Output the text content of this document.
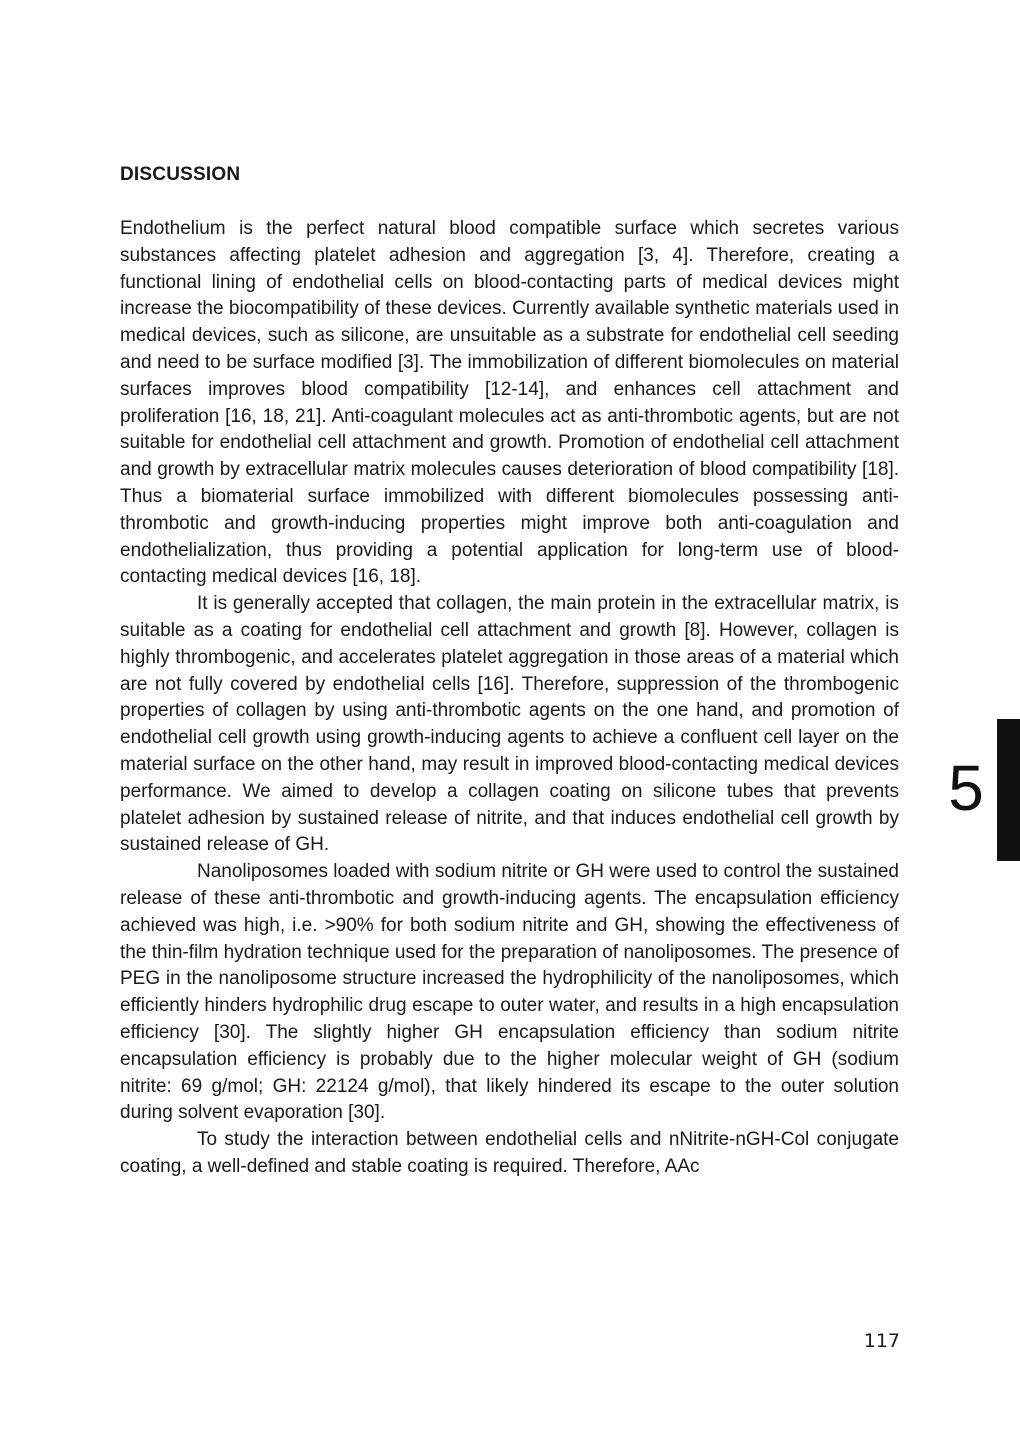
DISCUSSION

Endothelium is the perfect natural blood compatible surface which secretes various substances affecting platelet adhesion and aggregation [3, 4]. Therefore, creating a functional lining of endothelial cells on blood-contacting parts of medical devices might increase the biocompatibility of these devices. Currently available synthetic materials used in medical devices, such as silicone, are unsuitable as a substrate for endothelial cell seeding and need to be surface modified [3]. The immobilization of different biomolecules on material surfaces improves blood compatibility [12-14], and enhances cell attachment and proliferation [16, 18, 21]. Anti-coagulant molecules act as anti-thrombotic agents, but are not suitable for endothelial cell attachment and growth. Promotion of endothelial cell attachment and growth by extracellular matrix molecules causes deterioration of blood compatibility [18]. Thus a biomaterial surface immobilized with different biomolecules possessing anti-thrombotic and growth-inducing properties might improve both anti-coagulation and endothelialization, thus providing a potential application for long-term use of blood-contacting medical devices [16, 18].

It is generally accepted that collagen, the main protein in the extracellular matrix, is suitable as a coating for endothelial cell attachment and growth [8]. However, collagen is highly thrombogenic, and accelerates platelet aggregation in those areas of a material which are not fully covered by endothelial cells [16]. Therefore, suppression of the thrombogenic properties of collagen by using anti-thrombotic agents on the one hand, and promotion of endothelial cell growth using growth-inducing agents to achieve a confluent cell layer on the material surface on the other hand, may result in improved blood-contacting medical devices performance. We aimed to develop a collagen coating on silicone tubes that prevents platelet adhesion by sustained release of nitrite, and that induces endothelial cell growth by sustained release of GH.

Nanoliposomes loaded with sodium nitrite or GH were used to control the sustained release of these anti-thrombotic and growth-inducing agents. The encapsulation efficiency achieved was high, i.e. >90% for both sodium nitrite and GH, showing the effectiveness of the thin-film hydration technique used for the preparation of nanoliposomes. The presence of PEG in the nanoliposome structure increased the hydrophilicity of the nanoliposomes, which efficiently hinders hydrophilic drug escape to outer water, and results in a high encapsulation efficiency [30]. The slightly higher GH encapsulation efficiency than sodium nitrite encapsulation efficiency is probably due to the higher molecular weight of GH (sodium nitrite: 69 g/mol; GH: 22124 g/mol), that likely hindered its escape to the outer solution during solvent evaporation [30].

To study the interaction between endothelial cells and nNitrite-nGH-Col conjugate coating, a well-defined and stable coating is required. Therefore, AAc

5
117
